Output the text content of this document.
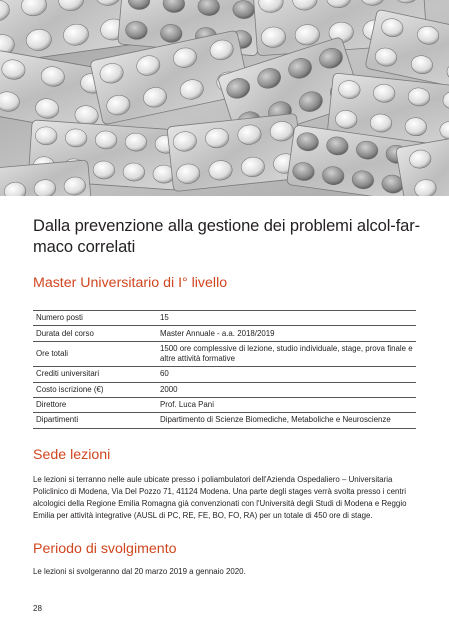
Dalla prevenzione alla gestione dei problemi alcol-far-
maco correlati
Master Universitario di I° livello
Numero posti	15
Durata del corso	Master Annuale - a.a. 2018/2019
Ore totali	1500 ore complessive di lezione, studio individuale, stage, prova finale e altre attività formative
Crediti universitari	60
Costo iscrizione (€)	2000
Direttore	Prof. Luca Pani
Dipartimenti	Dipartimento di Scienze Biomediche, Metaboliche e Neuroscienze
Sede lezioni

Le lezioni si terranno nelle aule ubicate presso i poliambulatori dell'Azienda Ospedaliero – Universitaria Policlinico di Modena, Via Del Pozzo 71, 41124 Modena. Una parte degli stages verrà svolta presso i centri alcologici della Regione Emilia Romagna già convenzionati con l'Università degli Studi di Modena e Reggio Emilia per attività integrative (AUSL di PC, RE, FE, BO, FO, RA) per un totale di 450 ore di stage.

Periodo di svolgimento

Le lezioni si svolgeranno dal 20 marzo 2019 a gennaio 2020.

28
